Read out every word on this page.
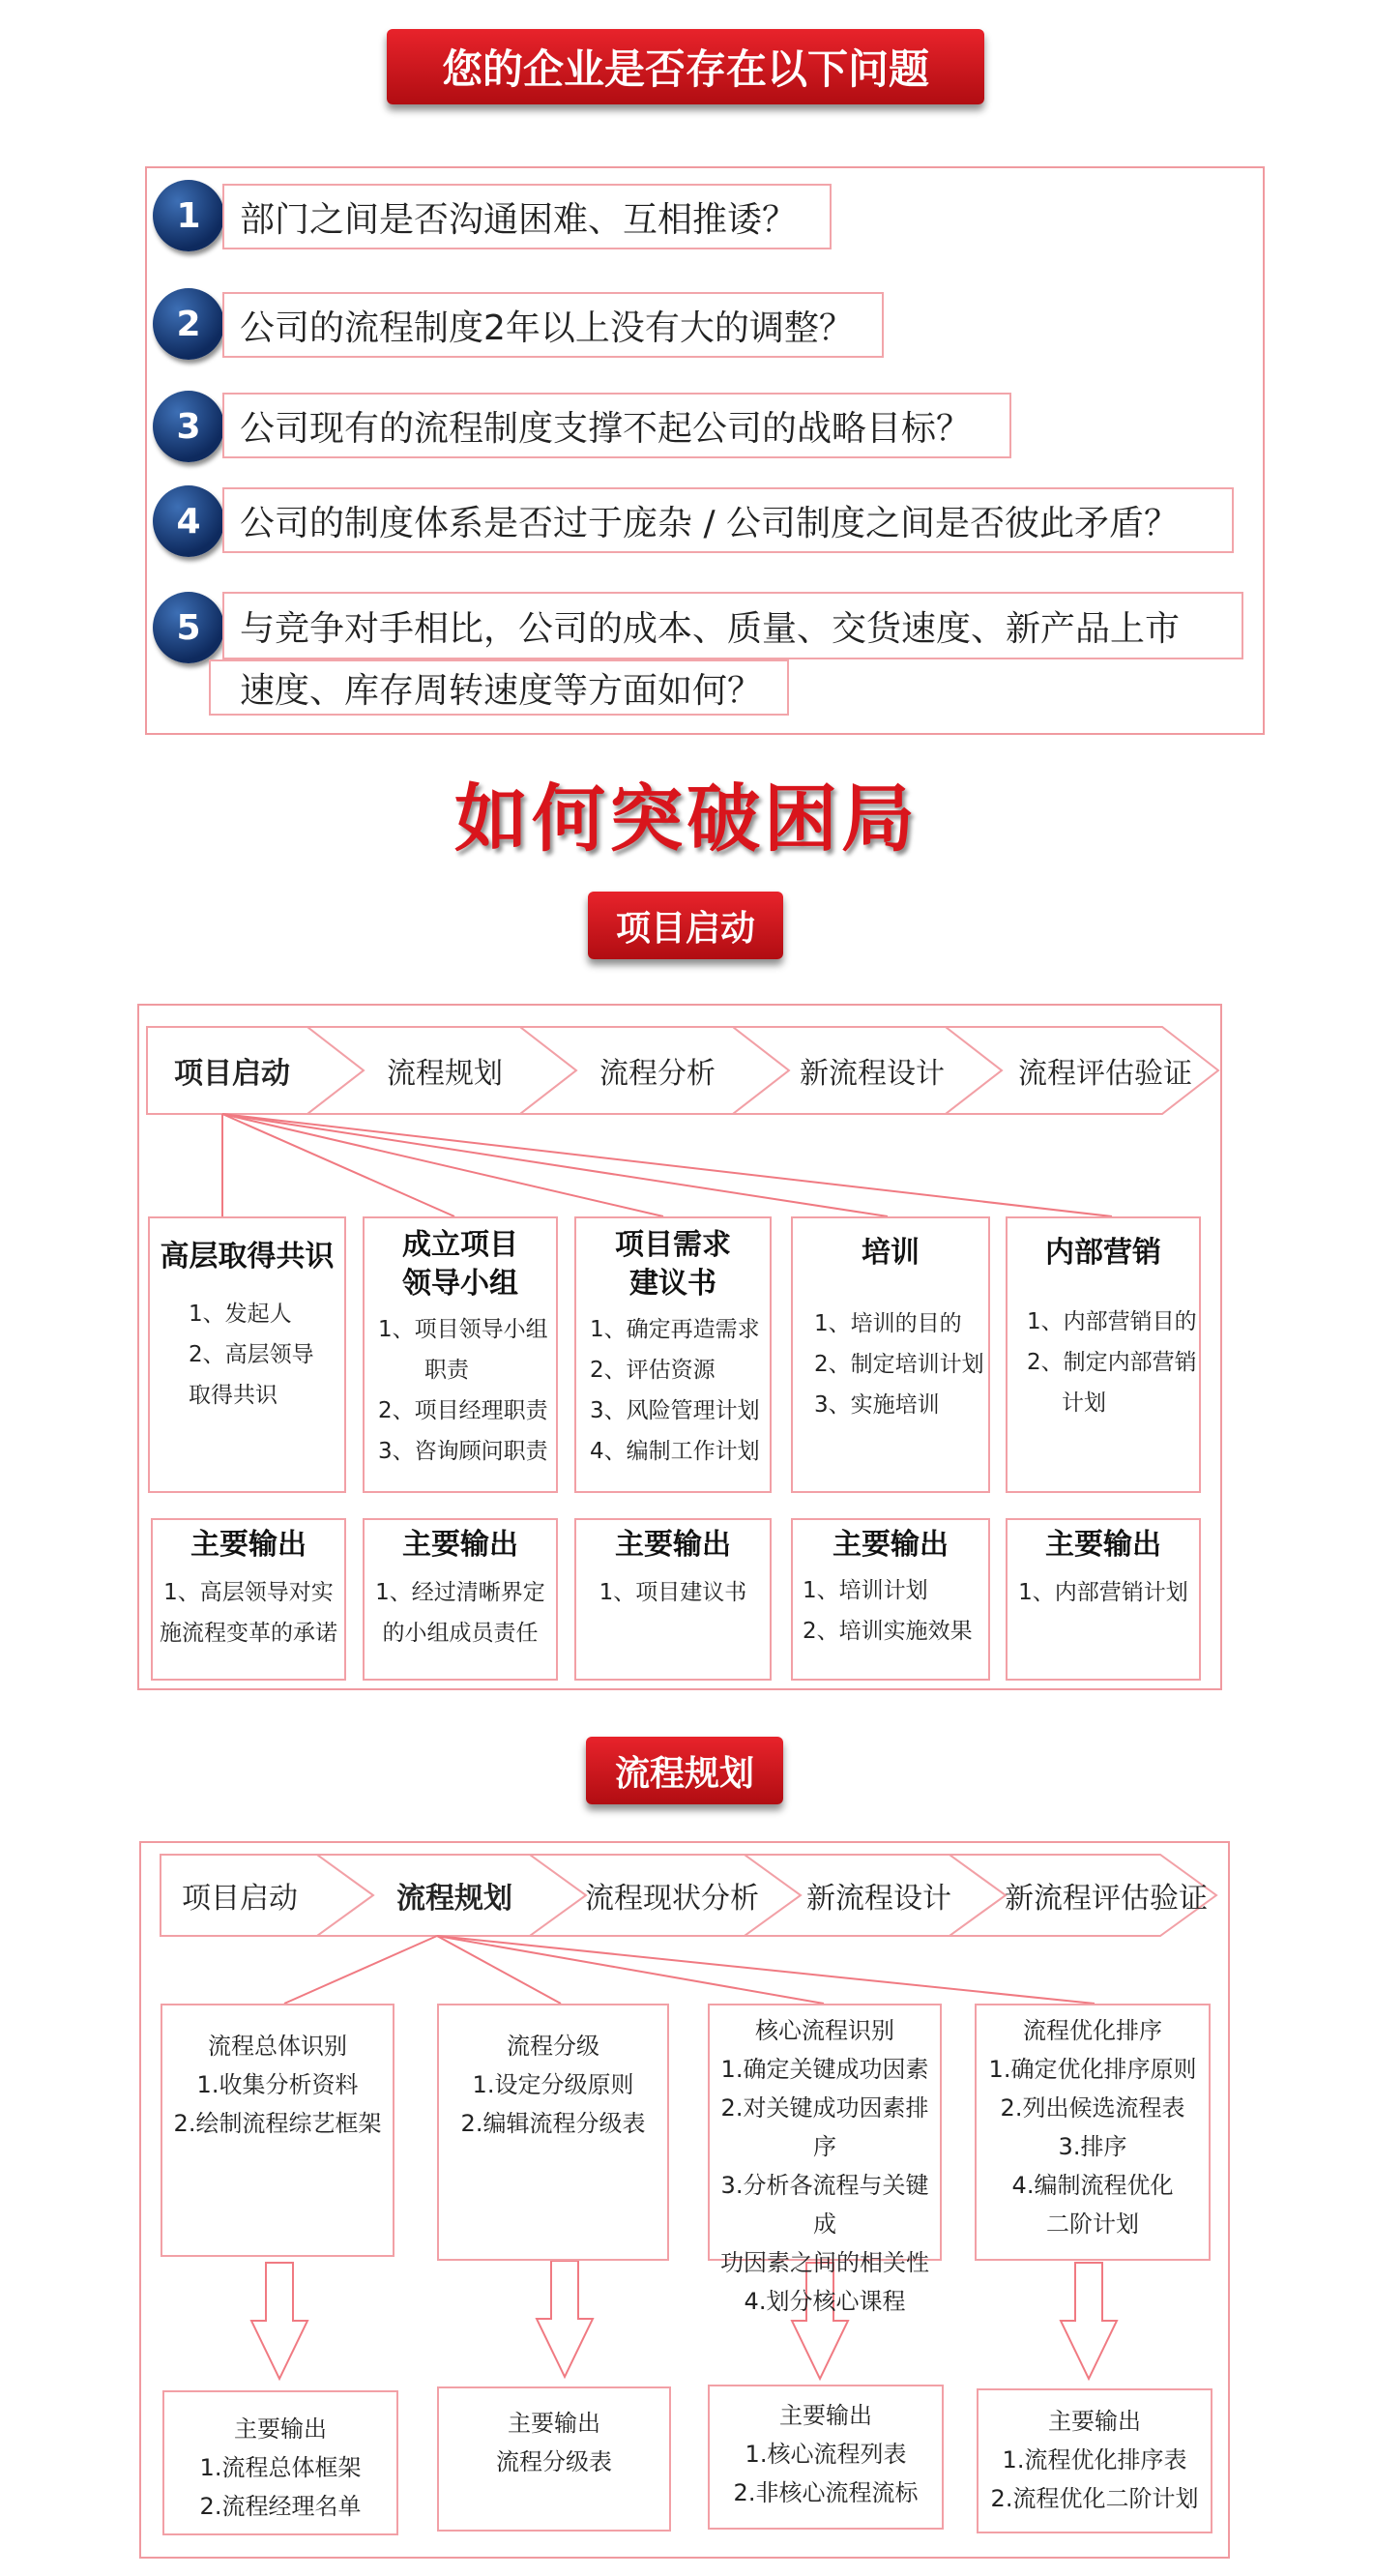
您的企业是否存在以下问题
1 部门之间是否沟通困难、互相推诿？
2 公司的流程制度2年以上没有大的调整？
3 公司现有的流程制度支撑不起公司的战略目标？
4 公司的制度体系是否过于庞杂 / 公司制度之间是否彼此矛盾？
5 与竞争对手相比，公司的成本、质量、交货速度、新产品上市
速度、库存周转速度等方面如何？
如何突破困局
项目启动
项目启动	流程规划	流程分析	新流程设计	流程评估验证
高层取得共识
1、发起人
2、高层领导
取得共识
成立项目
领导小组
1、项目领导小组
职责
2、项目经理职责
3、咨询顾问职责
项目需求
建议书
1、确定再造需求
2、评估资源
3、风险管理计划
4、编制工作计划
培训
1、培训的目的
2、制定培训计划
3、实施培训
内部营销
1、内部营销目的
2、制定内部营销
计划
主要输出
1、高层领导对实
施流程变革的承诺
主要输出
1、经过清晰界定
的小组成员责任
主要输出
1、项目建议书
主要输出
1、培训计划
2、培训实施效果
主要输出
1、内部营销计划
流程规划
项目启动	流程规划	流程现状分析 新流程设计 新流程评估验证
流程总体识别
1.收集分析资料
2.绘制流程综艺框架
流程分级
1.设定分级原则
2.编辑流程分级表
核心流程识别
1.确定关键成功因素
2.对关键成功因素排序
3.分析各流程与关键成
功因素之间的相关性
4.划分核心课程
流程优化排序
1.确定优化排序原则
2.列出候选流程表
3.排序
4.编制流程优化
二阶计划
主要输出
1.流程总体框架
2.流程经理名单
主要输出
流程分级表
主要输出
1.核心流程列表
2.非核心流程流标
主要输出
1.流程优化排序表
2.流程优化二阶计划
